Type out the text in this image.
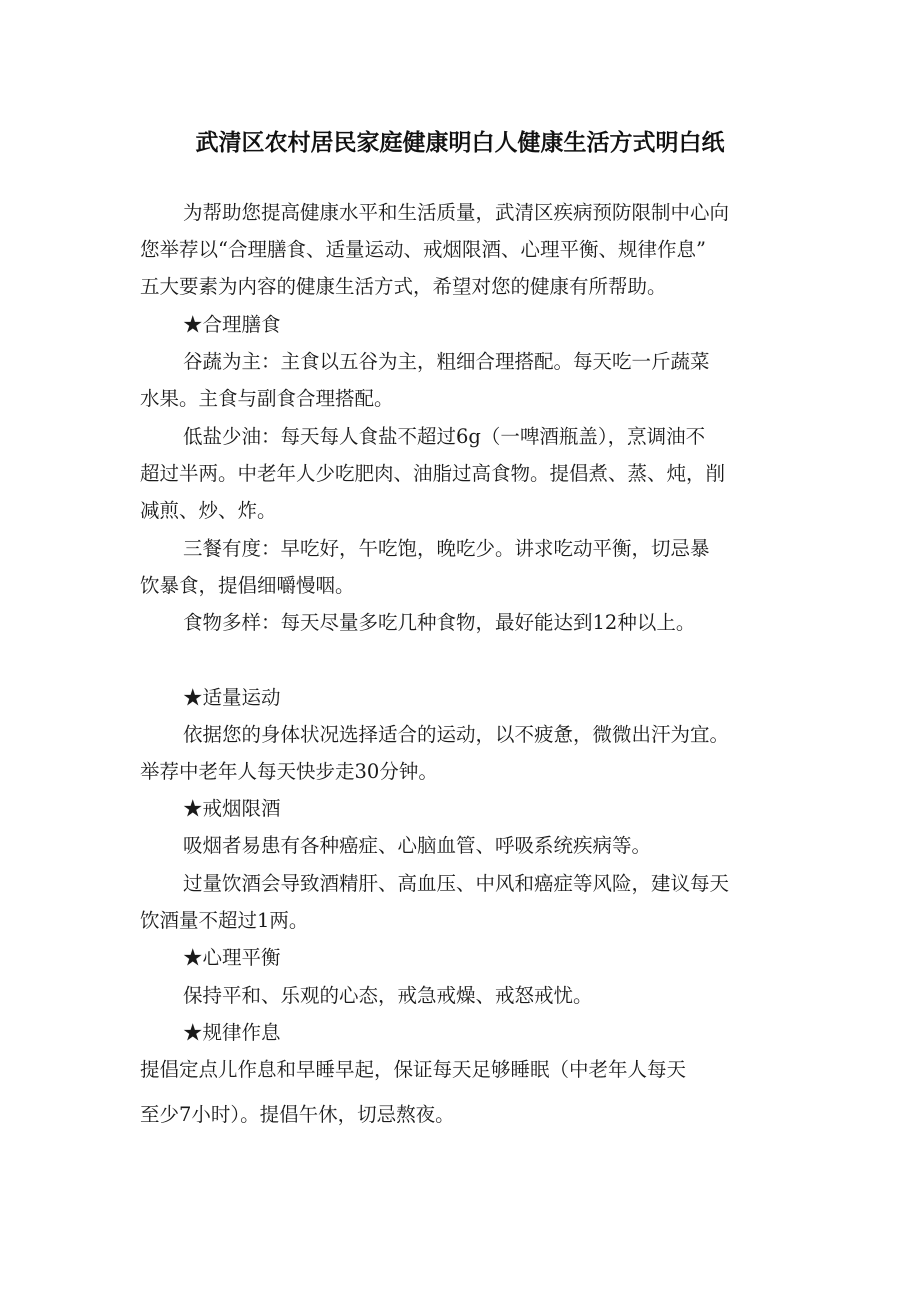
武清区农村居民家庭健康明白人健康生活方式明白纸

为帮助您提高健康水平和生活质量，武清区疾病预防限制中心向

您举荐以“合理膳食、适量运动、戒烟限酒、心理平衡、规律作息”

五大要素为内容的健康生活方式，希望对您的健康有所帮助。

★合理膳食

谷蔬为主：主食以五谷为主，粗细合理搭配。每天吃一斤蔬菜

水果。主食与副食合理搭配。

低盐少油：每天每人食盐不超过6g（一啤酒瓶盖），烹调油不

超过半两。中老年人少吃肥肉、油脂过高食物。提倡煮、蒸、炖，削

减煎、炒、炸。

三餐有度：早吃好，午吃饱，晚吃少。讲求吃动平衡，切忌暴

饮暴食，提倡细嚼慢咽。

食物多样：每天尽量多吃几种食物，最好能达到12种以上。

★适量运动

依据您的身体状况选择适合的运动，以不疲惫，微微出汗为宜。

举荐中老年人每天快步走30分钟。

★戒烟限酒

吸烟者易患有各种癌症、心脑血管、呼吸系统疾病等。

过量饮酒会导致酒精肝、高血压、中风和癌症等风险，建议每天

饮酒量不超过1两。

★心理平衡

保持平和、乐观的心态，戒急戒燥、戒怒戒忧。

★规律作息

提倡定点儿作息和早睡早起，保证每天足够睡眠（中老年人每天

至少7小时）。提倡午休，切忌熬夜。
